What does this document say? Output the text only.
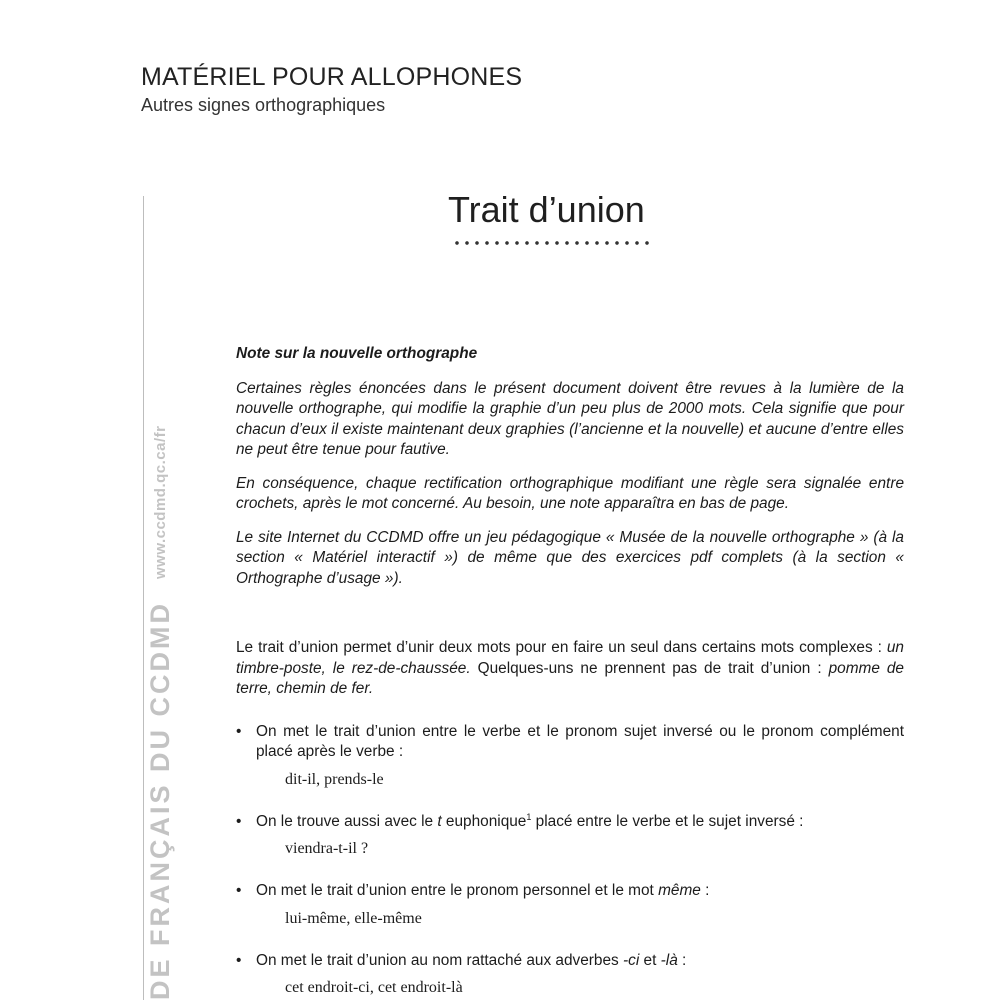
MATÉRIEL POUR ALLOPHONES
Autres signes orthographiques
DE FRANÇAIS DU CCDMDwww.ccdmd.qc.ca/fr
Trait d’union
Note sur la nouvelle orthographe

Certaines règles énoncées dans le présent document doivent être revues à la lumière de la nouvelle orthographe, qui modifie la graphie d’un peu plus de 2000 mots. Cela signifie que pour chacun d’eux il existe maintenant deux graphies (l’ancienne et la nouvelle) et aucune d’entre elles ne peut être tenue pour fautive.

En conséquence, chaque rectification orthographique modifiant une règle sera signalée entre crochets, après le mot concerné. Au besoin, une note apparaîtra en bas de page.

Le site Internet du CCDMD offre un jeu pédagogique « Musée de la nouvelle orthographe » (à la section « Matériel interactif ») de même que des exercices pdf complets (à la section « Orthographe d’usage »).

Le trait d’union permet d’unir deux mots pour en faire un seul dans certains mots complexes : un timbre-poste, le rez-de-chaussée. Quelques-uns ne prennent pas de trait d’union : pomme de terre, chemin de fer.

• On met le trait d’union entre le verbe et le pronom sujet inversé ou le pronom complément placé après le verbe :
dit-il, prends-le
• On le trouve aussi avec le t euphonique$^1$ placé entre le verbe et le sujet inversé :
viendra-t-il ?
• On met le trait d’union entre le pronom personnel et le mot même :
lui-même, elle-même
• On met le trait d’union au nom rattaché aux adverbes -ci et -là :
cet endroit-ci, cet endroit-là
